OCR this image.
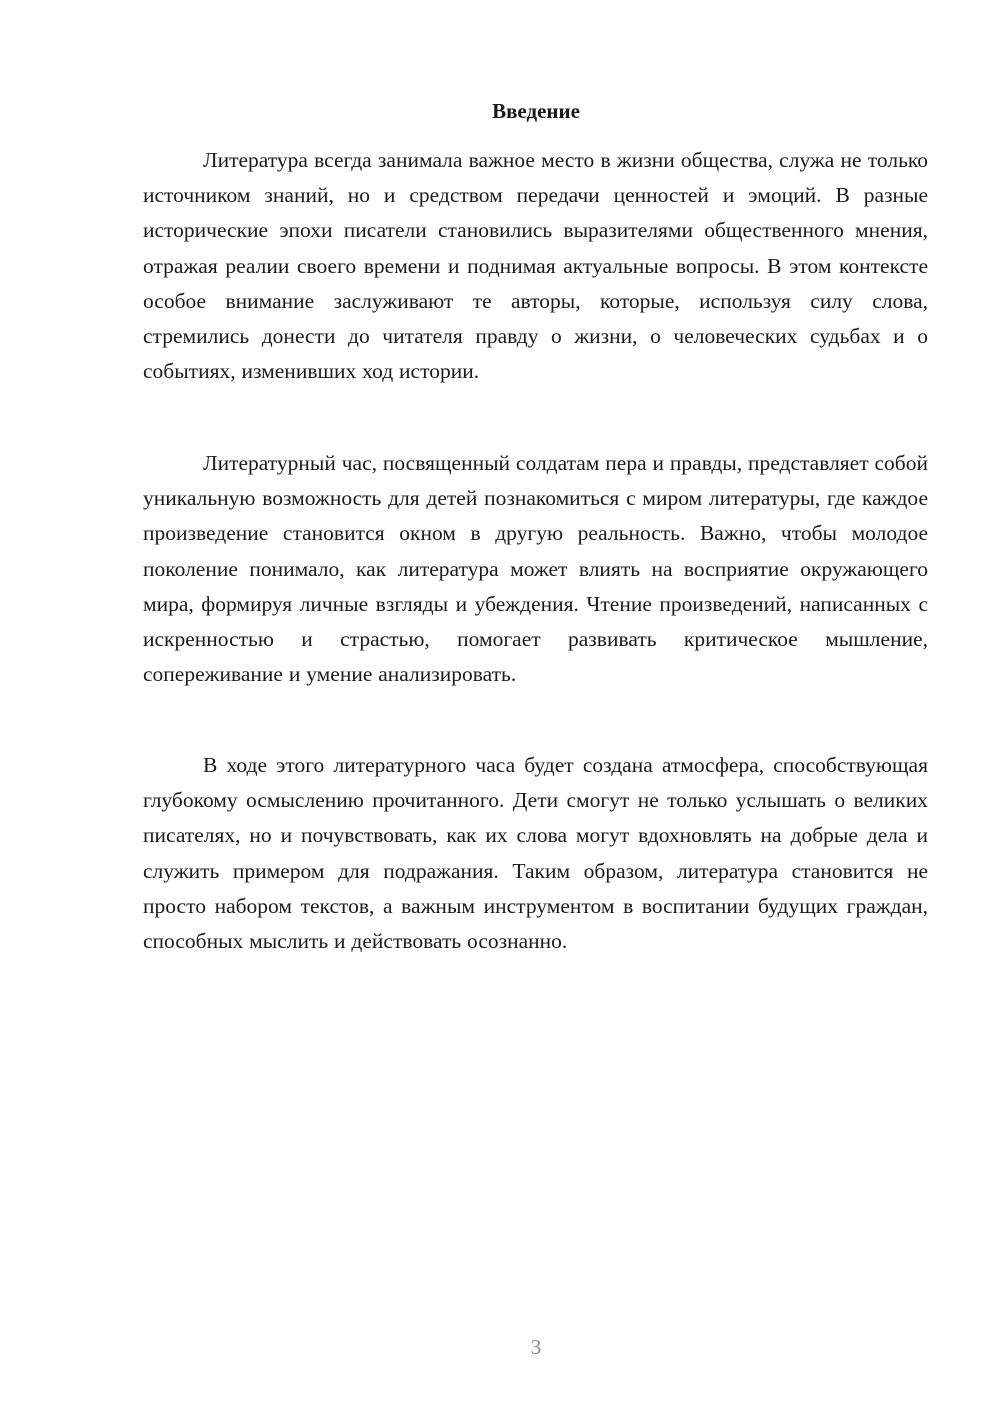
Введение

Литература всегда занимала важное место в жизни общества, служа не только источником знаний, но и средством передачи ценностей и эмоций. В разные исторические эпохи писатели становились выразителями общественного мнения, отражая реалии своего времени и поднимая актуальные вопросы. В этом контексте особое внимание заслуживают те авторы, которые, используя силу слова, стремились донести до читателя правду о жизни, о человеческих судьбах и о событиях, изменивших ход истории.

Литературный час, посвященный солдатам пера и правды, представляет собой уникальную возможность для детей познакомиться с миром литературы, где каждое произведение становится окном в другую реальность. Важно, чтобы молодое поколение понимало, как литература может влиять на восприятие окружающего мира, формируя личные взгляды и убеждения. Чтение произведений, написанных с искренностью и страстью, помогает развивать критическое мышление, сопереживание и умение анализировать.

В ходе этого литературного часа будет создана атмосфера, способствующая глубокому осмыслению прочитанного. Дети смогут не только услышать о великих писателях, но и почувствовать, как их слова могут вдохновлять на добрые дела и служить примером для подражания. Таким образом, литература становится не просто набором текстов, а важным инструментом в воспитании будущих граждан, способных мыслить и действовать осознанно.

3
